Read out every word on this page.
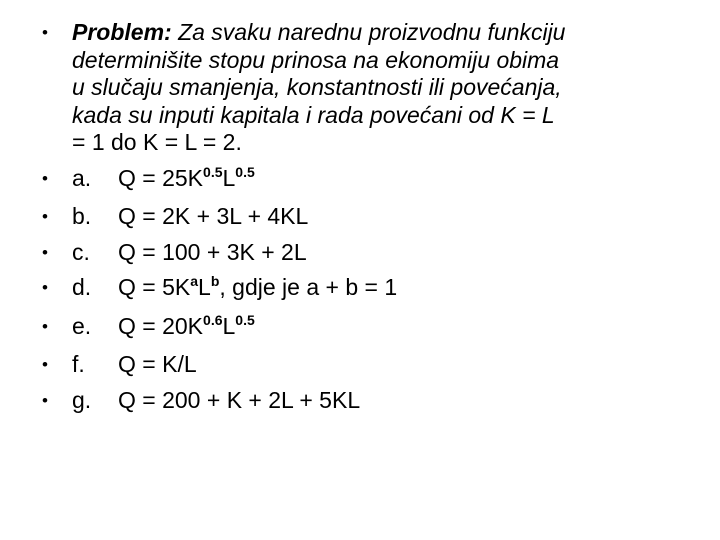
• Problem: Za svaku narednu proizvodnu funkciju
determinišite stopu prinosa na ekonomiju obima
u slučaju smanjenja, konstantnosti ili povećanja,
kada su inputi kapitala i rada povećani od K = L
= 1 do K = L = 2.
• a. $Q = 25K^{0.5}L^{0.5}$
• b. Q = 2K + 3L + 4KL
• c. Q = 100 + 3K + 2L
• d. $Q = 5K^aL^b$, gdje je a + b = 1
• e. $Q = 20K^{0.6}L^{0.5}$
• f. Q = K/L
• g. Q = 200 + K + 2L + 5KL
